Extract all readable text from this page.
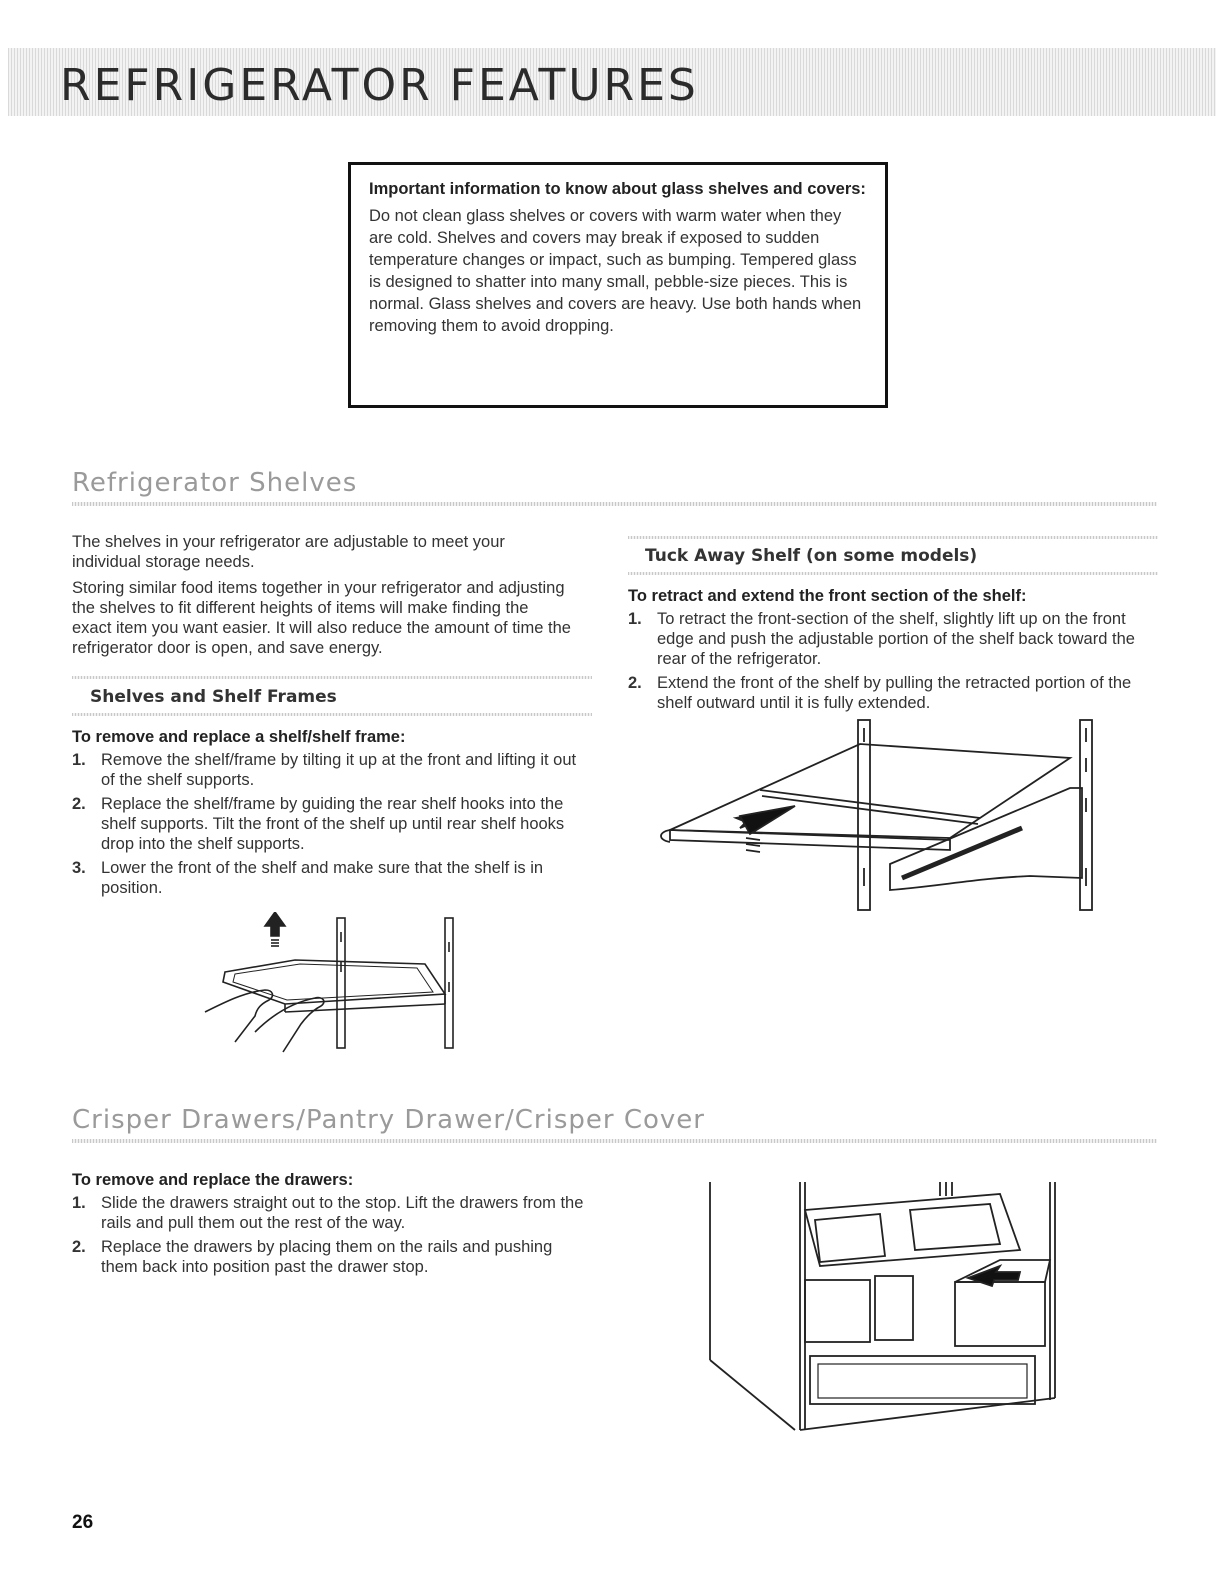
REFRIGERATOR FEATURES
Important information to know about glass shelves and covers:
Do not clean glass shelves or covers with warm water when they are cold. Shelves and covers may break if exposed to sudden temperature changes or impact, such as bumping. Tempered glass is designed to shatter into many small, pebble-size pieces. This is normal. Glass shelves and covers are heavy. Use both hands when removing them to avoid dropping.
Refrigerator Shelves
The shelves in your refrigerator are adjustable to meet your individual storage needs.
Storing similar food items together in your refrigerator and adjusting the shelves to fit different heights of items will make finding the exact item you want easier. It will also reduce the amount of time the refrigerator door is open, and save energy.
Shelves and Shelf Frames
To remove and replace a shelf/shelf frame:
1. Remove the shelf/frame by tilting it up at the front and lifting it out of the shelf supports.
2. Replace the shelf/frame by guiding the rear shelf hooks into the shelf supports. Tilt the front of the shelf up until rear shelf hooks drop into the shelf supports.
3. Lower the front of the shelf and make sure that the shelf is in position.
Tuck Away Shelf (on some models)
To retract and extend the front section of the shelf:
1. To retract the front-section of the shelf, slightly lift up on the front edge and push the adjustable portion of the shelf back toward the rear of the refrigerator.
2. Extend the front of the shelf by pulling the retracted portion of the shelf outward until it is fully extended.
Crisper Drawers/Pantry Drawer/Crisper Cover
To remove and replace the drawers:
1. Slide the drawers straight out to the stop. Lift the drawers from the rails and pull them out the rest of the way.
2. Replace the drawers by placing them on the rails and pushing them back into position past the drawer stop.
26
